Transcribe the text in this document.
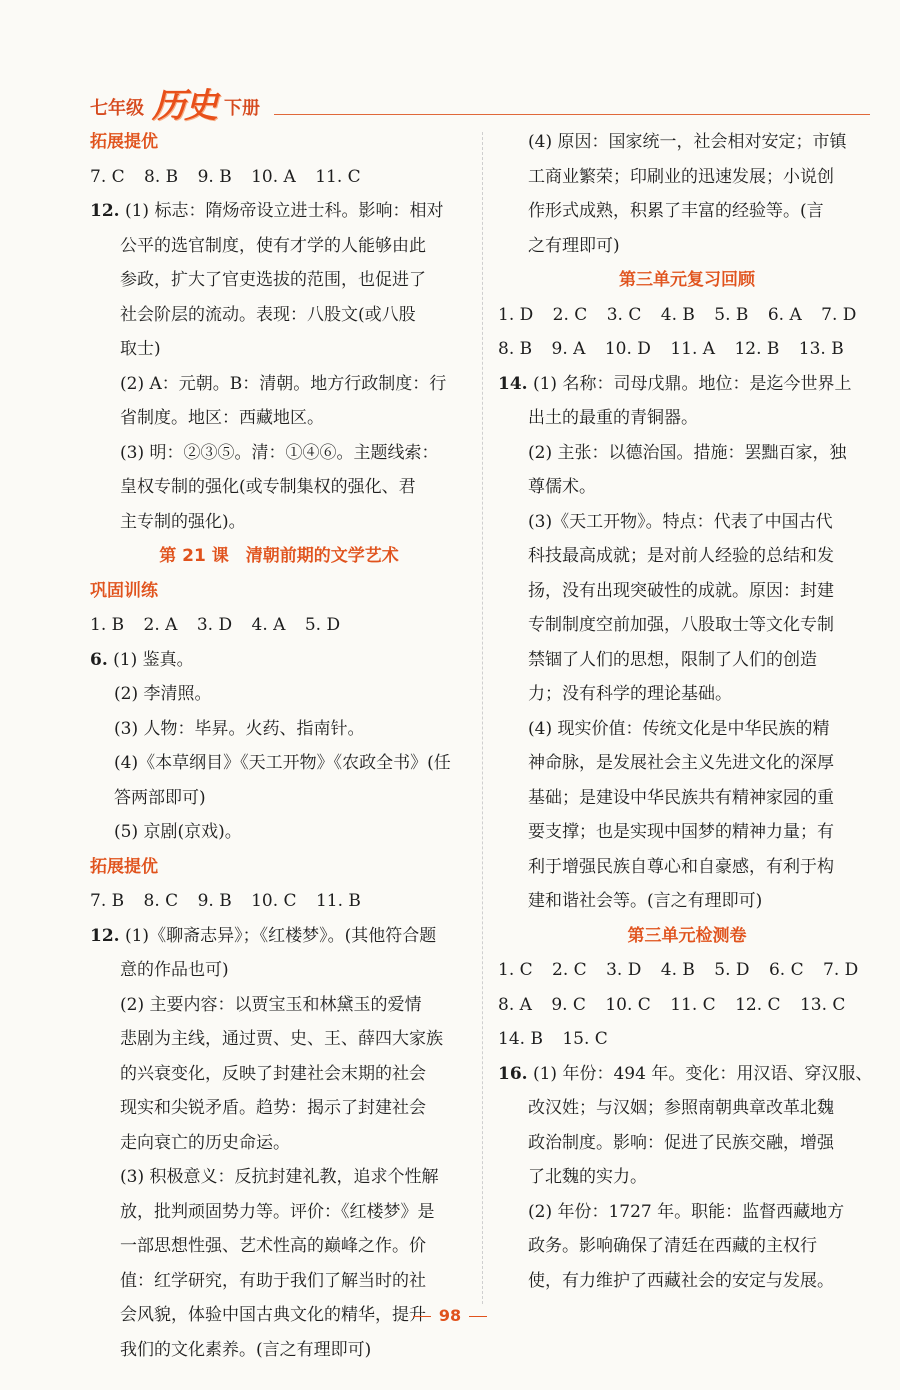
七年级 历史 下册
拓展提优
7. C 8. B 9. B 10. A 11. C
12. (1) 标志：隋炀帝设立进士科。影响：相对
公平的选官制度，使有才学的人能够由此
参政，扩大了官吏选拔的范围，也促进了
社会阶层的流动。表现：八股文(或八股
取士)
(2) A：元朝。B：清朝。地方行政制度：行
省制度。地区：西藏地区。
(3) 明：②③⑤。清：①④⑥。主题线索：
皇权专制的强化(或专制集权的强化、君
主专制的强化)。
第 21 课　清朝前期的文学艺术
巩固训练
1. B 2. A 3. D 4. A 5. D
6. (1) 鉴真。
(2) 李清照。
(3) 人物：毕昇。火药、指南针。
(4)《本草纲目》《天工开物》《农政全书》(任
答两部即可)
(5) 京剧(京戏)。
拓展提优
7. B 8. C 9. B 10. C 11. B
12. (1)《聊斋志异》；《红楼梦》。(其他符合题
意的作品也可)
(2) 主要内容：以贾宝玉和林黛玉的爱情
悲剧为主线，通过贾、史、王、薛四大家族
的兴衰变化，反映了封建社会末期的社会
现实和尖锐矛盾。趋势：揭示了封建社会
走向衰亡的历史命运。
(3) 积极意义：反抗封建礼教，追求个性解
放，批判顽固势力等。评价：《红楼梦》是
一部思想性强、艺术性高的巅峰之作。价
值：红学研究，有助于我们了解当时的社
会风貌，体验中国古典文化的精华，提升
我们的文化素养。(言之有理即可)
(4) 原因：国家统一，社会相对安定；市镇
工商业繁荣；印刷业的迅速发展；小说创
作形式成熟，积累了丰富的经验等。(言
之有理即可)
第三单元复习回顾
1. D 2. C 3. C 4. B 5. B 6. A 7. D
8. B 9. A 10. D 11. A 12. B 13. B
14. (1) 名称：司母戊鼎。地位：是迄今世界上
出土的最重的青铜器。
(2) 主张：以德治国。措施：罢黜百家，独
尊儒术。
(3)《天工开物》。特点：代表了中国古代
科技最高成就；是对前人经验的总结和发
扬，没有出现突破性的成就。原因：封建
专制制度空前加强，八股取士等文化专制
禁锢了人们的思想，限制了人们的创造
力；没有科学的理论基础。
(4) 现实价值：传统文化是中华民族的精
神命脉，是发展社会主义先进文化的深厚
基础；是建设中华民族共有精神家园的重
要支撑；也是实现中国梦的精神力量；有
利于增强民族自尊心和自豪感，有利于构
建和谐社会等。(言之有理即可)
第三单元检测卷
1. C 2. C 3. D 4. B 5. D 6. C 7. D
8. A 9. C 10. C 11. C 12. C 13. C
14. B 15. C
16. (1) 年份：494 年。变化：用汉语、穿汉服、
改汉姓；与汉姻；参照南朝典章改革北魏
政治制度。影响：促进了民族交融，增强
了北魏的实力。
(2) 年份：1727 年。职能：监督西藏地方
政务。影响确保了清廷在西藏的主权行
使，有力维护了西藏社会的安定与发展。
98
